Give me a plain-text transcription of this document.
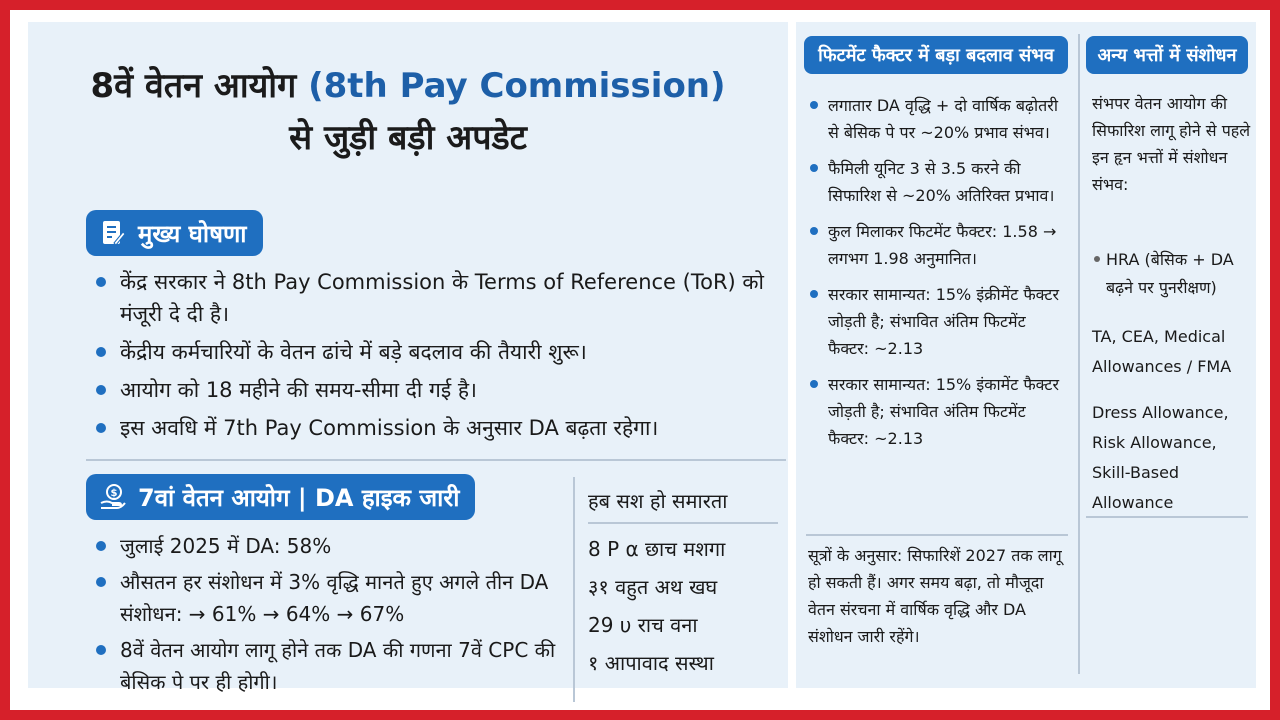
8वें वेतन आयोग (8th Pay Commission)
से जुड़ी बड़ी अपडेट
मुख्य घोषणा
केंद्र सरकार ने 8th Pay Commission के Terms of Reference (ToR) को मंजूरी दे दी है।
केंद्रीय कर्मचारियों के वेतन ढांचे में बड़े बदलाव की तैयारी शुरू।
आयोग को 18 महीने की समय-सीमा दी गई है।
इस अवधि में 7th Pay Commission के अनुसार DA बढ़ता रहेगा।
$ 7वां वेतन आयोग | DA हाइक जारी
जुलाई 2025 में DA: 58%
औसतन हर संशोधन में 3% वृद्धि मानते हुए अगले तीन DA संशोधन: → 61% → 64% → 67%
8वें वेतन आयोग लागू होने तक DA की गणना 7वें CPC की बेसिक पे पर ही होगी।
हब सश हो समारता
8 P α छाच मशगा
३१ वहुत अथ खघ
29 υ राच वना
१ आपावाद सस्था
फिटमेंट फैक्टर में बड़ा बदलाव संभव	अन्य भत्तों में संशोधन
लगातार DA वृद्धि + दो वार्षिक बढ़ोतरी से बेसिक पे पर ~20% प्रभाव संभव।
फैमिली यूनिट 3 से 3.5 करने की सिफारिश से ~20% अतिरिक्त प्रभाव।
कुल मिलाकर फिटमेंट फैक्टर: 1.58 → लगभग 1.98 अनुमानित।
सरकार सामान्यत: 15% इंक्रीमेंट फैक्टर जोड़ती है; संभावित अंतिम फिटमेंट फैक्टर: ~2.13
सरकार सामान्यत: 15% इंकामेंट फैक्टर जोड़ती है; संभावित अंतिम फिटमेंट फैक्टर: ~2.13
सूत्रों के अनुसार: सिफारिशें 2027 तक लागू हो सकती हैं। अगर समय बढ़ा, तो मौजूदा वेतन संरचना में वार्षिक वृद्धि और DA संशोधन जारी रहेंगे।
संभपर वेतन आयोग की सिफारिश लागू होने से पहले इन हृन भत्तों में संशोधन संभव:
HRA (बेसिक + DA बढ़ने पर पुनरीक्षण)
TA, CEA, Medical Allowances / FMA
Dress Allowance, Risk Allowance, Skill-Based Allowance
